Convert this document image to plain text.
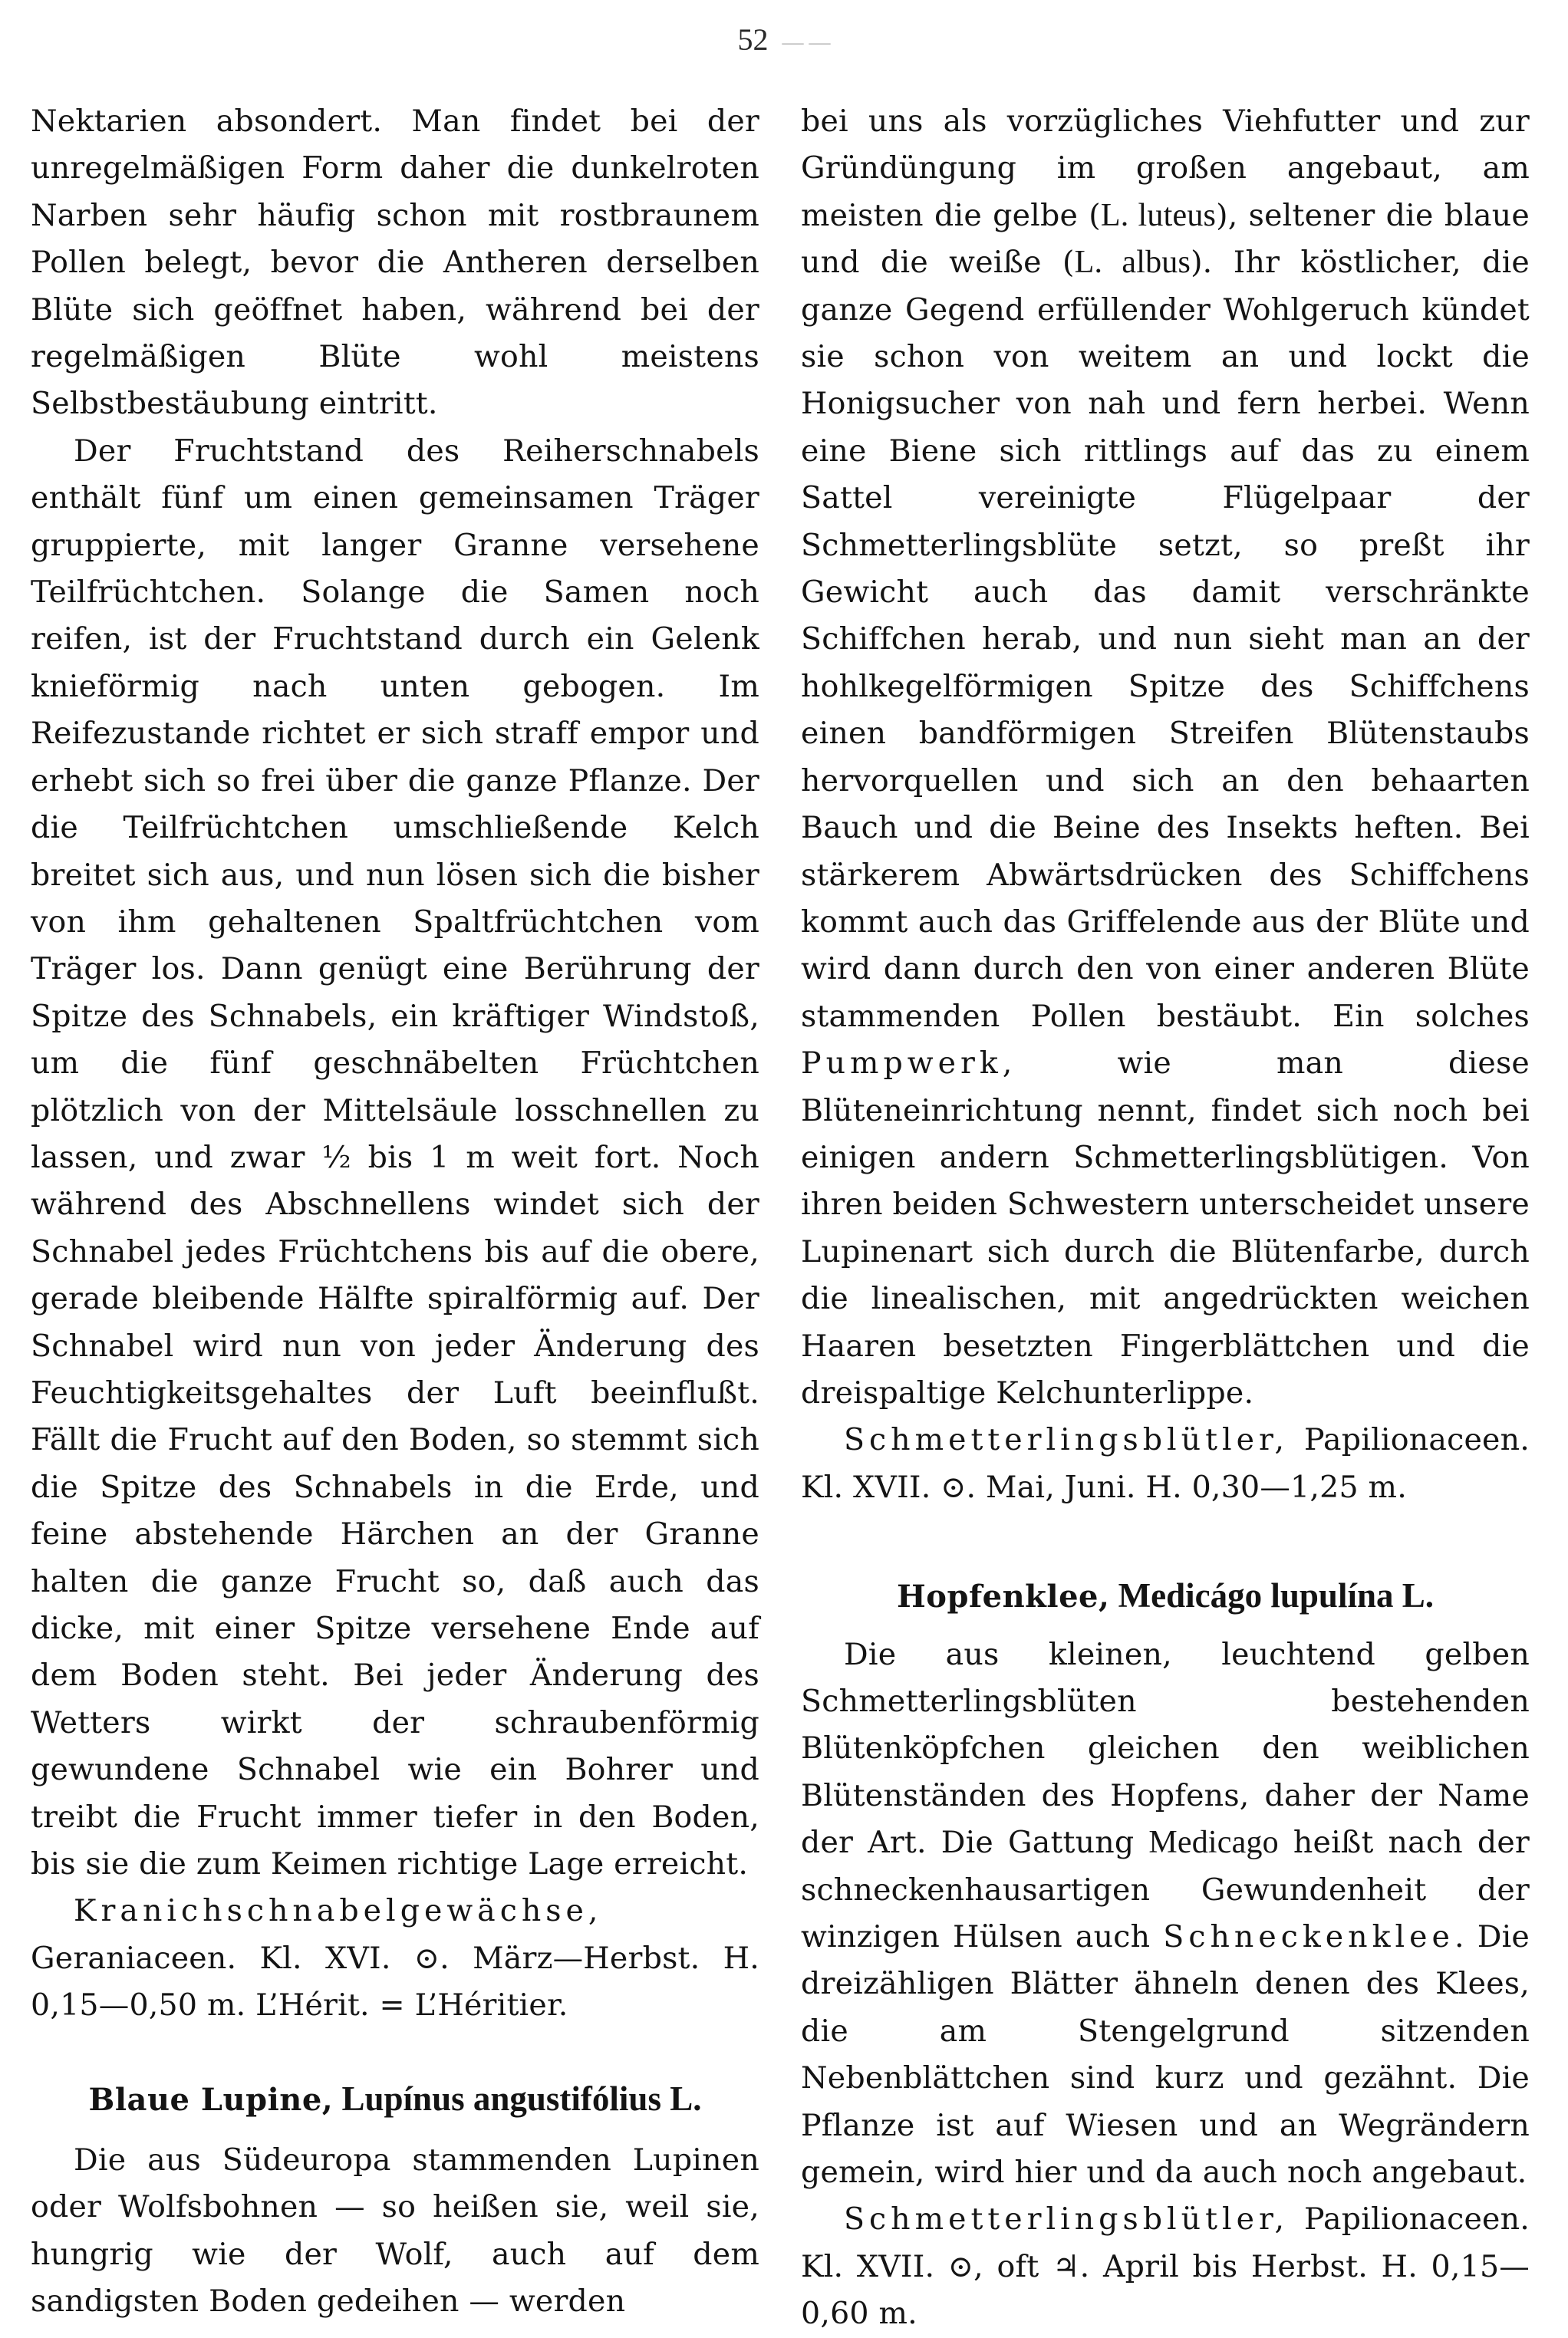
52 — —

Nektarien absondert. Man findet bei der unregelmäßigen Form daher die dunkelroten Narben sehr häufig schon mit rostbraunem Pollen belegt, bevor die Antheren derselben Blüte sich geöffnet haben, während bei der regelmäßigen Blüte wohl meistens Selbstbestäubung eintritt.

Der Fruchtstand des Reiherschnabels enthält fünf um einen gemeinsamen Träger gruppierte, mit langer Granne versehene Teilfrüchtchen. Solange die Samen noch reifen, ist der Fruchtstand durch ein Gelenk knieförmig nach unten gebogen. Im Reifezustande richtet er sich straff empor und erhebt sich so frei über die ganze Pflanze. Der die Teilfrüchtchen umschließende Kelch breitet sich aus, und nun lösen sich die bisher von ihm gehaltenen Spaltfrüchtchen vom Träger los. Dann genügt eine Berührung der Spitze des Schnabels, ein kräftiger Windstoß, um die fünf geschnäbelten Früchtchen plötzlich von der Mittelsäule losschnellen zu lassen, und zwar ½ bis 1 m weit fort. Noch während des Abschnellens windet sich der Schnabel jedes Früchtchens bis auf die obere, gerade bleibende Hälfte spiralförmig auf. Der Schnabel wird nun von jeder Änderung des Feuchtigkeitsgehaltes der Luft beeinflußt. Fällt die Frucht auf den Boden, so stemmt sich die Spitze des Schnabels in die Erde, und feine abstehende Härchen an der Granne halten die ganze Frucht so, daß auch das dicke, mit einer Spitze versehene Ende auf dem Boden steht. Bei jeder Änderung des Wetters wirkt der schraubenförmig gewundene Schnabel wie ein Bohrer und treibt die Frucht immer tiefer in den Boden, bis sie die zum Keimen richtige Lage erreicht.

Kranichschnabelgewächse, Geraniaceen. Kl. XVI. ⊙. März—Herbst. H. 0,15—0,50 m. L’Hérit. = L’Héritier.

Blaue Lupine, Lupínus angustifólius L.

Die aus Südeuropa stammenden Lupinen oder Wolfsbohnen — so heißen sie, weil sie, hungrig wie der Wolf, auch auf dem sandigsten Boden gedeihen — werden

bei uns als vorzügliches Viehfutter und zur Gründüngung im großen angebaut, am meisten die gelbe (L. luteus), seltener die blaue und die weiße (L. albus). Ihr köstlicher, die ganze Gegend erfüllender Wohlgeruch kündet sie schon von weitem an und lockt die Honigsucher von nah und fern herbei. Wenn eine Biene sich rittlings auf das zu einem Sattel vereinigte Flügelpaar der Schmetterlingsblüte setzt, so preßt ihr Gewicht auch das damit verschränkte Schiffchen herab, und nun sieht man an der hohlkegelförmigen Spitze des Schiffchens einen bandförmigen Streifen Blütenstaubs hervorquellen und sich an den behaarten Bauch und die Beine des Insekts heften. Bei stärkerem Abwärtsdrücken des Schiffchens kommt auch das Griffelende aus der Blüte und wird dann durch den von einer anderen Blüte stammenden Pollen bestäubt. Ein solches Pumpwerk, wie man diese Blüteneinrichtung nennt, findet sich noch bei einigen andern Schmetterlingsblütigen. Von ihren beiden Schwestern unterscheidet unsere Lupinenart sich durch die Blütenfarbe, durch die linealischen, mit angedrückten weichen Haaren besetzten Fingerblättchen und die dreispaltige Kelchunterlippe.

Schmetterlingsblütler, Papilionaceen. Kl. XVII. ⊙. Mai, Juni. H. 0,30—1,25 m.

Hopfenklee, Medicágo lupulína L.

Die aus kleinen, leuchtend gelben Schmetterlingsblüten bestehenden Blütenköpfchen gleichen den weiblichen Blütenständen des Hopfens, daher der Name der Art. Die Gattung Medicago heißt nach der schneckenhausartigen Gewundenheit der winzigen Hülsen auch Schneckenklee. Die dreizähligen Blätter ähneln denen des Klees, die am Stengelgrund sitzenden Nebenblättchen sind kurz und gezähnt. Die Pflanze ist auf Wiesen und an Wegrändern gemein, wird hier und da auch noch angebaut.

Schmetterlingsblütler, Papilionaceen. Kl. XVII. ⊙, oft ♃. April bis Herbst. H. 0,15—0,60 m.
